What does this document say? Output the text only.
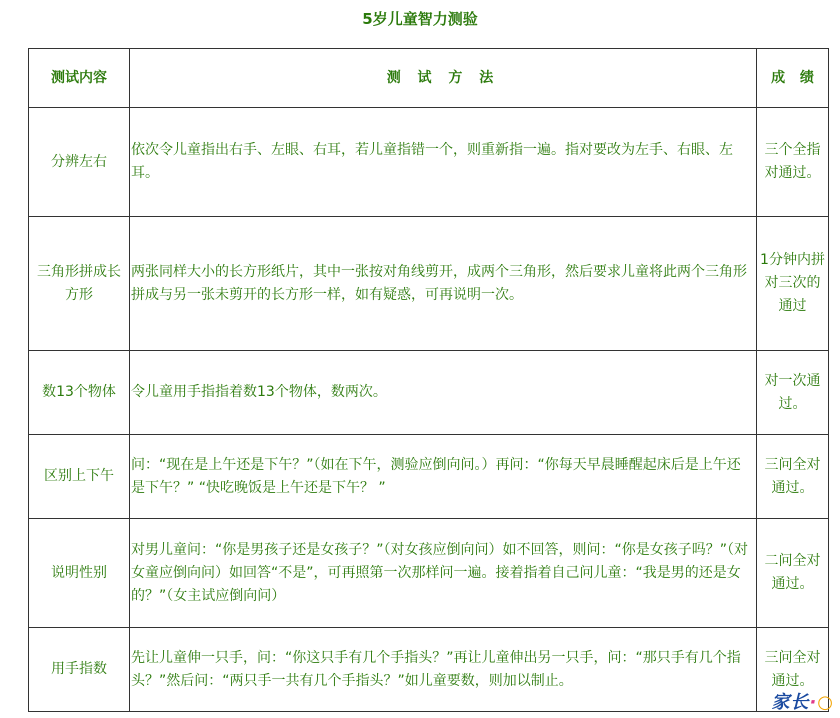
5岁儿童智力测验
测试内容	测 试 方 法	成 绩
分辨左右	依次令儿童指出右手、左眼、右耳，若儿童指错一个，则重新指一遍。指对要改为左手、右眼、左耳。	三个全指对通过。
三角形拼成长方形	两张同样大小的长方形纸片，其中一张按对角线剪开，成两个三角形，然后要求儿童将此两个三角形拼成与另一张未剪开的长方形一样，如有疑惑，可再说明一次。	1分钟内拼对三次的通过
数13个物体	令儿童用手指指着数13个物体，数两次。	对一次通过。
区别上下午	问：“现在是上午还是下午？”（如在下午，测验应倒向问。）再问：“你每天早晨睡醒起床后是上午还是下午？” “快吃晚饭是上午还是下午？ ”	三问全对通过。
说明性别	对男儿童问：“你是男孩子还是女孩子？”（对女孩应倒向问）如不回答，则问：“你是女孩子吗？”（对女童应倒向问）如回答“不是”，可再照第一次那样问一遍。接着指着自己问儿童：“我是男的还是女的？”（女主试应倒向问）	二问全对通过。
用手指数	先让儿童伸一只手，问：“你这只手有几个手指头？”再让儿童伸出另一只手，问：“那只手有几个指头？”然后问：“两只手一共有几个手指头？”如儿童要数，则加以制止。	三问全对通过。
家长·○
